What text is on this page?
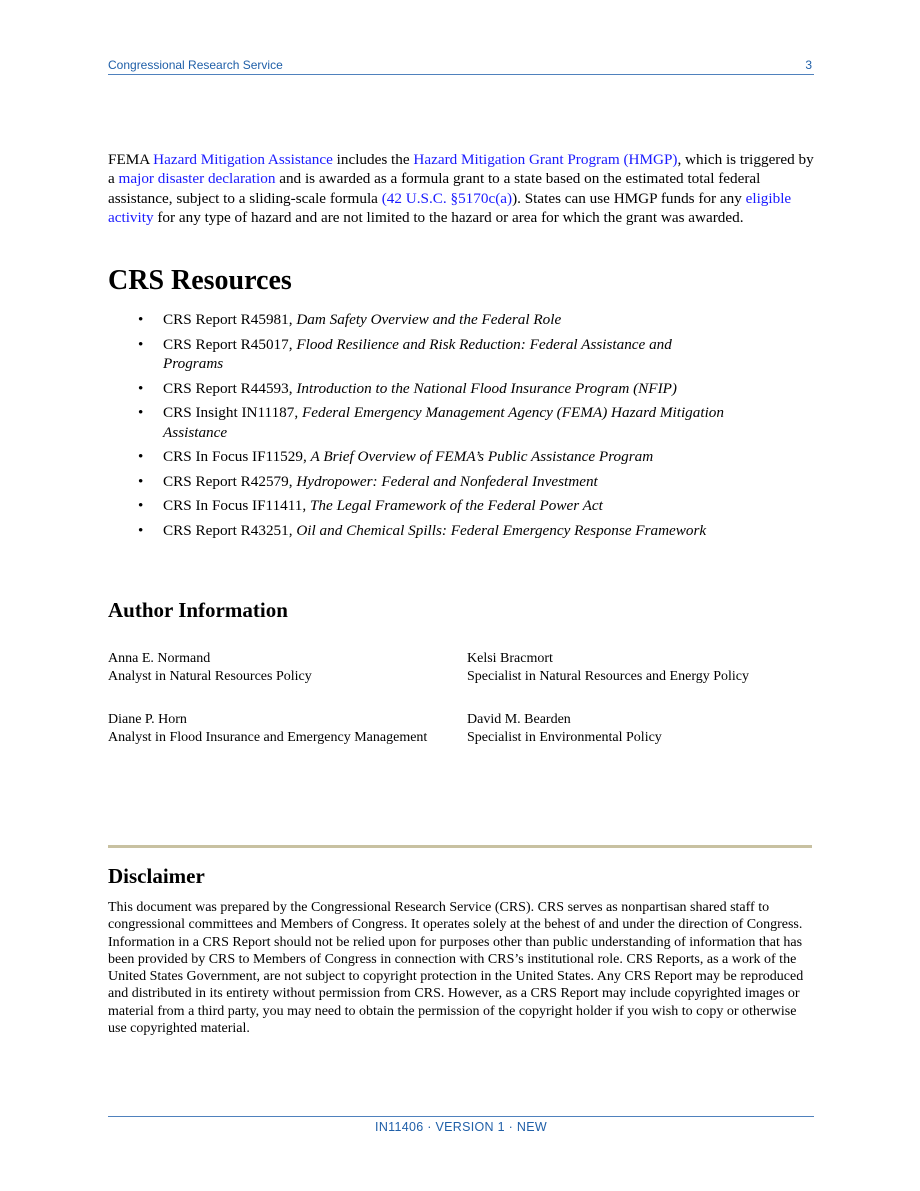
Congressional Research Service	3

FEMA Hazard Mitigation Assistance includes the Hazard Mitigation Grant Program (HMGP), which is triggered by a major disaster declaration and is awarded as a formula grant to a state based on the estimated total federal assistance, subject to a sliding-scale formula (42 U.S.C. §5170c(a)). States can use HMGP funds for any eligible activity for any type of hazard and are not limited to the hazard or area for which the grant was awarded.

CRS Resources
• CRS Report R45981, Dam Safety Overview and the Federal Role
• CRS Report R45017, Flood Resilience and Risk Reduction: Federal Assistance and Programs
• CRS Report R44593, Introduction to the National Flood Insurance Program (NFIP)
• CRS Insight IN11187, Federal Emergency Management Agency (FEMA) Hazard Mitigation Assistance
• CRS In Focus IF11529, A Brief Overview of FEMA’s Public Assistance Program
• CRS Report R42579, Hydropower: Federal and Nonfederal Investment
• CRS In Focus IF11411, The Legal Framework of the Federal Power Act
• CRS Report R43251, Oil and Chemical Spills: Federal Emergency Response Framework
Author Information
Anna E. Normand
Analyst in Natural Resources Policy
Kelsi Bracmort
Specialist in Natural Resources and Energy Policy
Diane P. Horn
Analyst in Flood Insurance and Emergency Management
David M. Bearden
Specialist in Environmental Policy
Disclaimer

This document was prepared by the Congressional Research Service (CRS). CRS serves as nonpartisan shared staff to congressional committees and Members of Congress. It operates solely at the behest of and under the direction of Congress. Information in a CRS Report should not be relied upon for purposes other than public understanding of information that has been provided by CRS to Members of Congress in connection with CRS’s institutional role. CRS Reports, as a work of the United States Government, are not subject to copyright protection in the United States. Any CRS Report may be reproduced and distributed in its entirety without permission from CRS. However, as a CRS Report may include copyrighted images or material from a third party, you may need to obtain the permission of the copyright holder if you wish to copy or otherwise use copyrighted material.

IN11406 · VERSION 1 · NEW
